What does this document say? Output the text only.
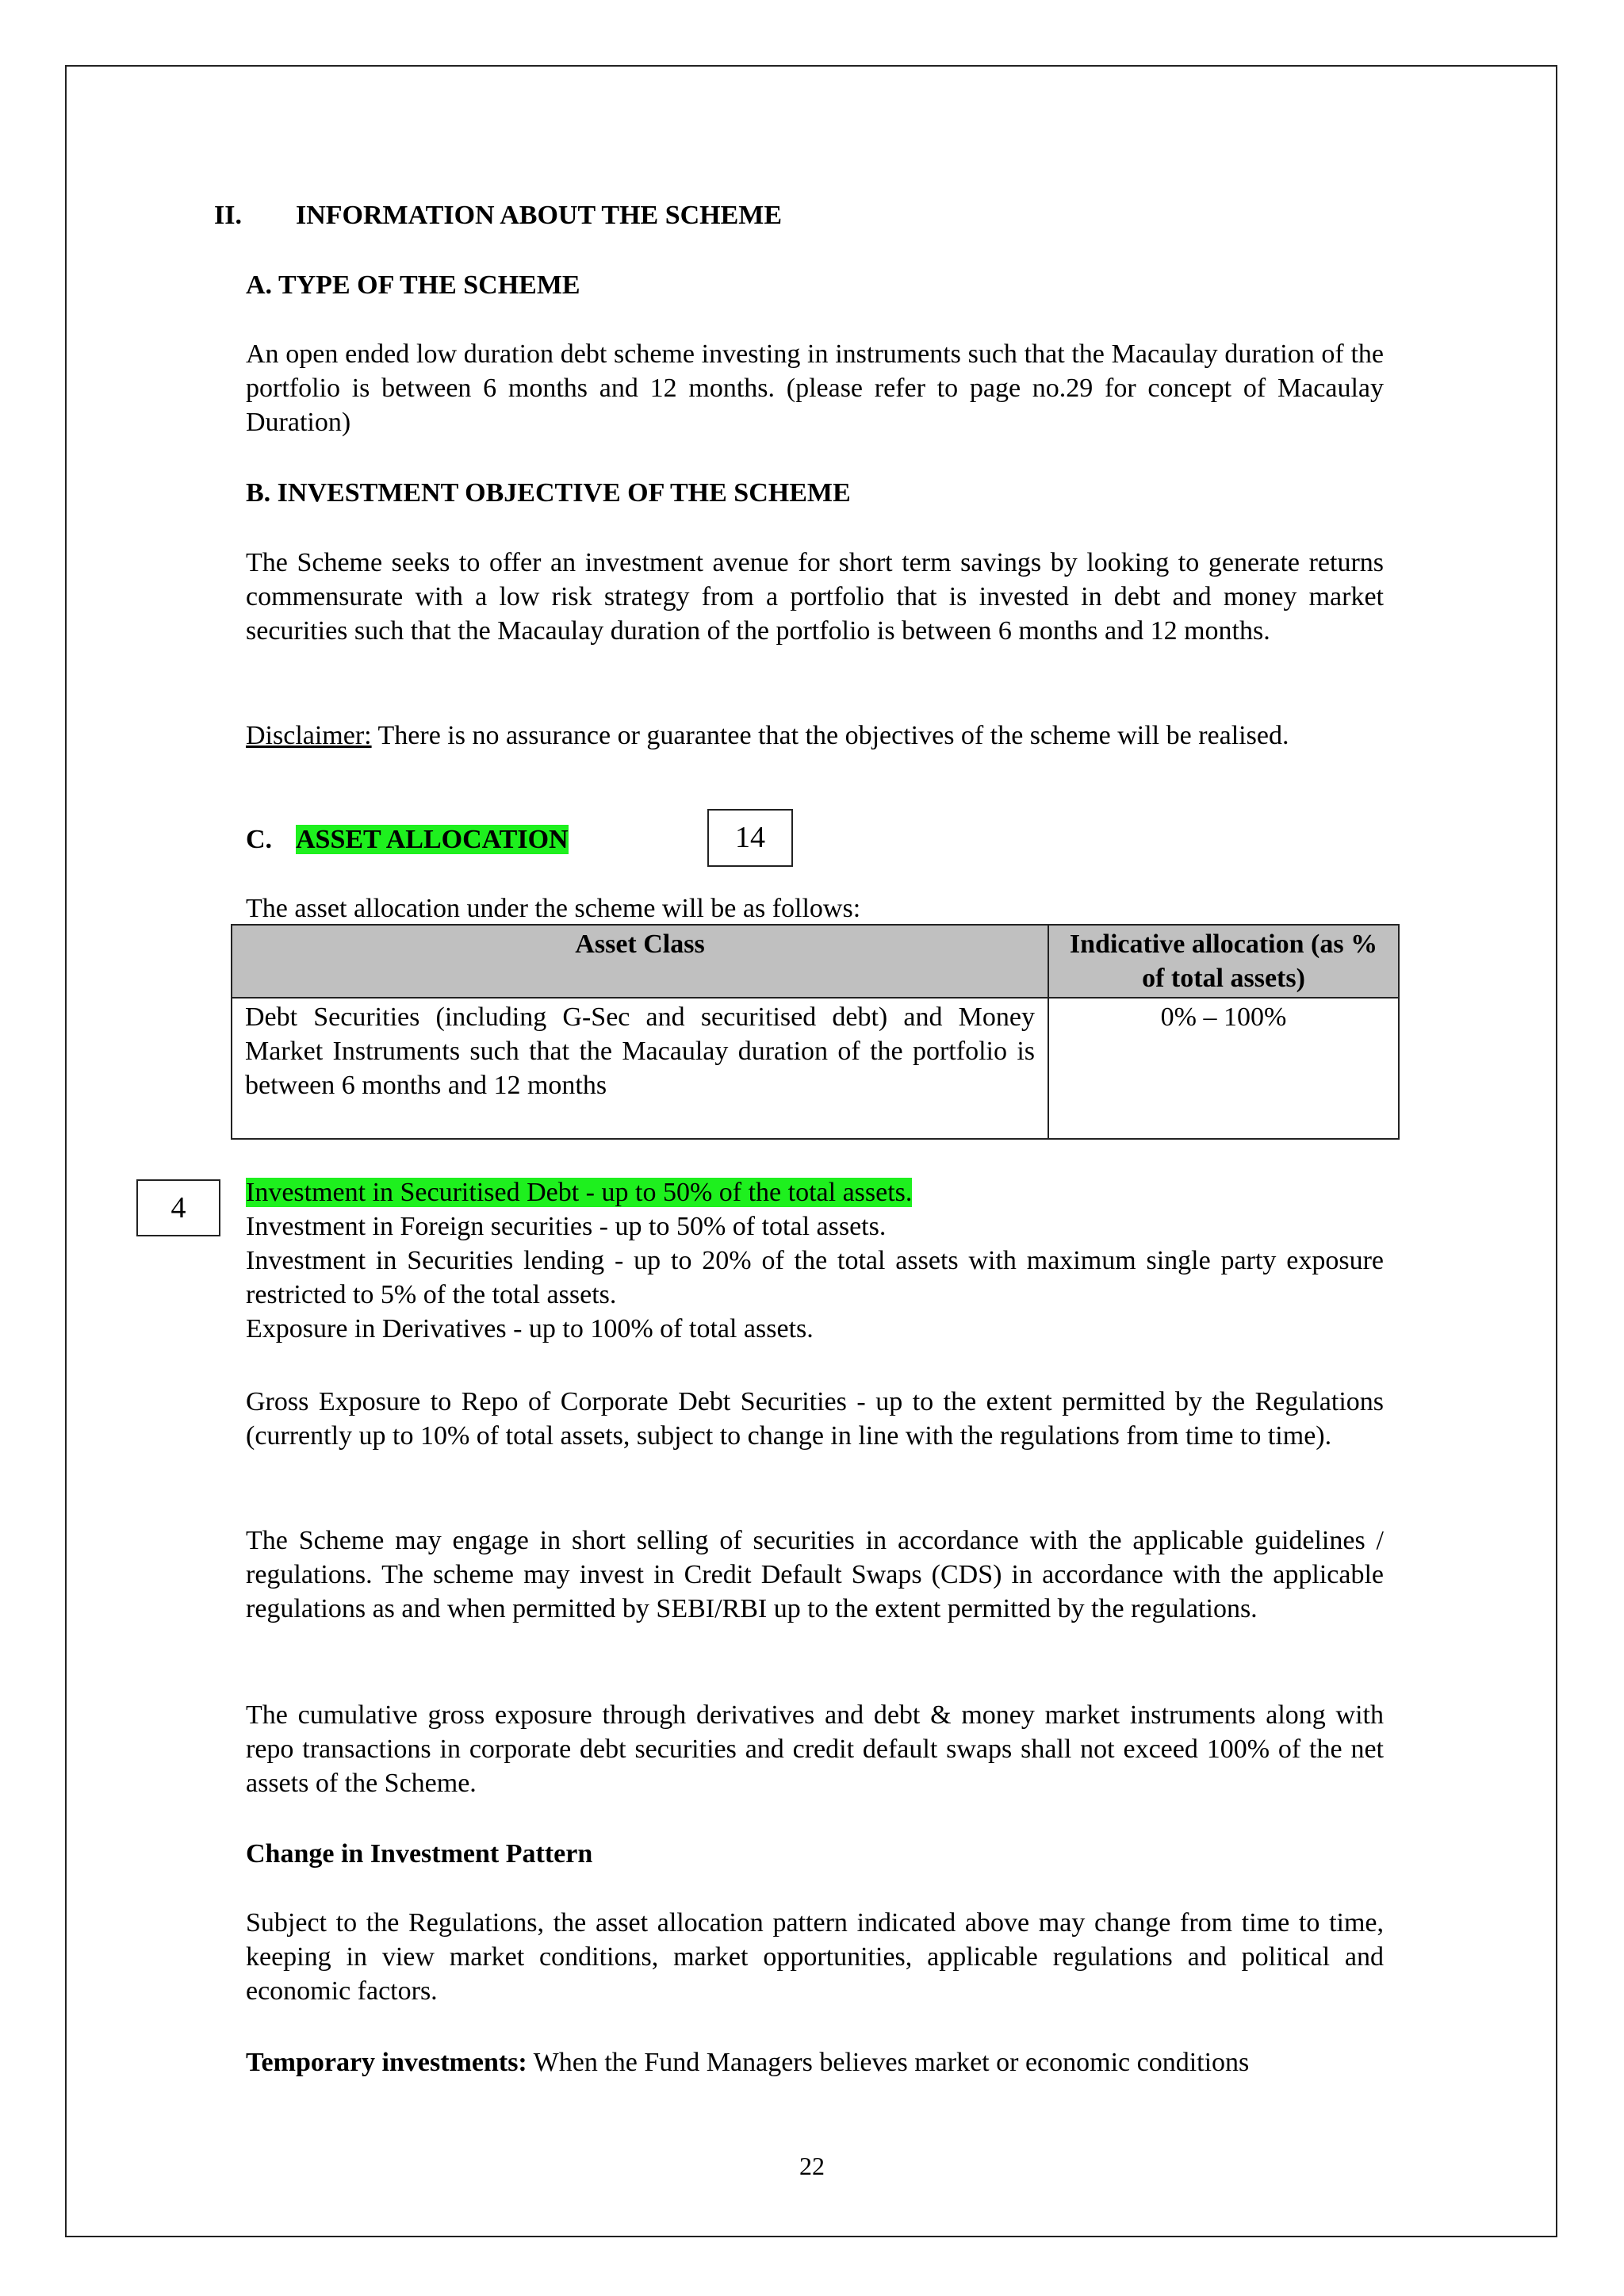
II. INFORMATION ABOUT THE SCHEME
A. TYPE OF THE SCHEME

An open ended low duration debt scheme investing in instruments such that the Macaulay duration of the portfolio is between 6 months and 12 months. (please refer to page no.29 for concept of Macaulay Duration)

B. INVESTMENT OBJECTIVE OF THE SCHEME

The Scheme seeks to offer an investment avenue for short term savings by looking to generate returns commensurate with a low risk strategy from a portfolio that is invested in debt and money market securities such that the Macaulay duration of the portfolio is between 6 months and 12 months.

Disclaimer: There is no assurance or guarantee that the objectives of the scheme will be realised.

C. ASSET ALLOCATION	14
The asset allocation under the scheme will be as follows:
Asset Class	Indicative allocation (as % of total assets)
Debt Securities (including G-Sec and securitised debt) and Money Market Instruments such that the Macaulay duration of the portfolio is between 6 months and 12 months	0% – 100%
4	Investment in Securitised Debt - up to 50% of the total assets.

Investment in Foreign securities - up to 50% of total assets.

Investment in Securities lending - up to 20% of the total assets with maximum single party exposure restricted to 5% of the total assets.

Exposure in Derivatives - up to 100% of total assets.

Gross Exposure to Repo of Corporate Debt Securities - up to the extent permitted by the Regulations (currently up to 10% of total assets, subject to change in line with the regulations from time to time).

The Scheme may engage in short selling of securities in accordance with the applicable guidelines / regulations. The scheme may invest in Credit Default Swaps (CDS) in accordance with the applicable regulations as and when permitted by SEBI/RBI up to the extent permitted by the regulations.

The cumulative gross exposure through derivatives and debt & money market instruments along with repo transactions in corporate debt securities and credit default swaps shall not exceed 100% of the net assets of the Scheme.

Change in Investment Pattern

Subject to the Regulations, the asset allocation pattern indicated above may change from time to time, keeping in view market conditions, market opportunities, applicable regulations and political and economic factors.

Temporary investments: When the Fund Managers believes market or economic conditions

22
